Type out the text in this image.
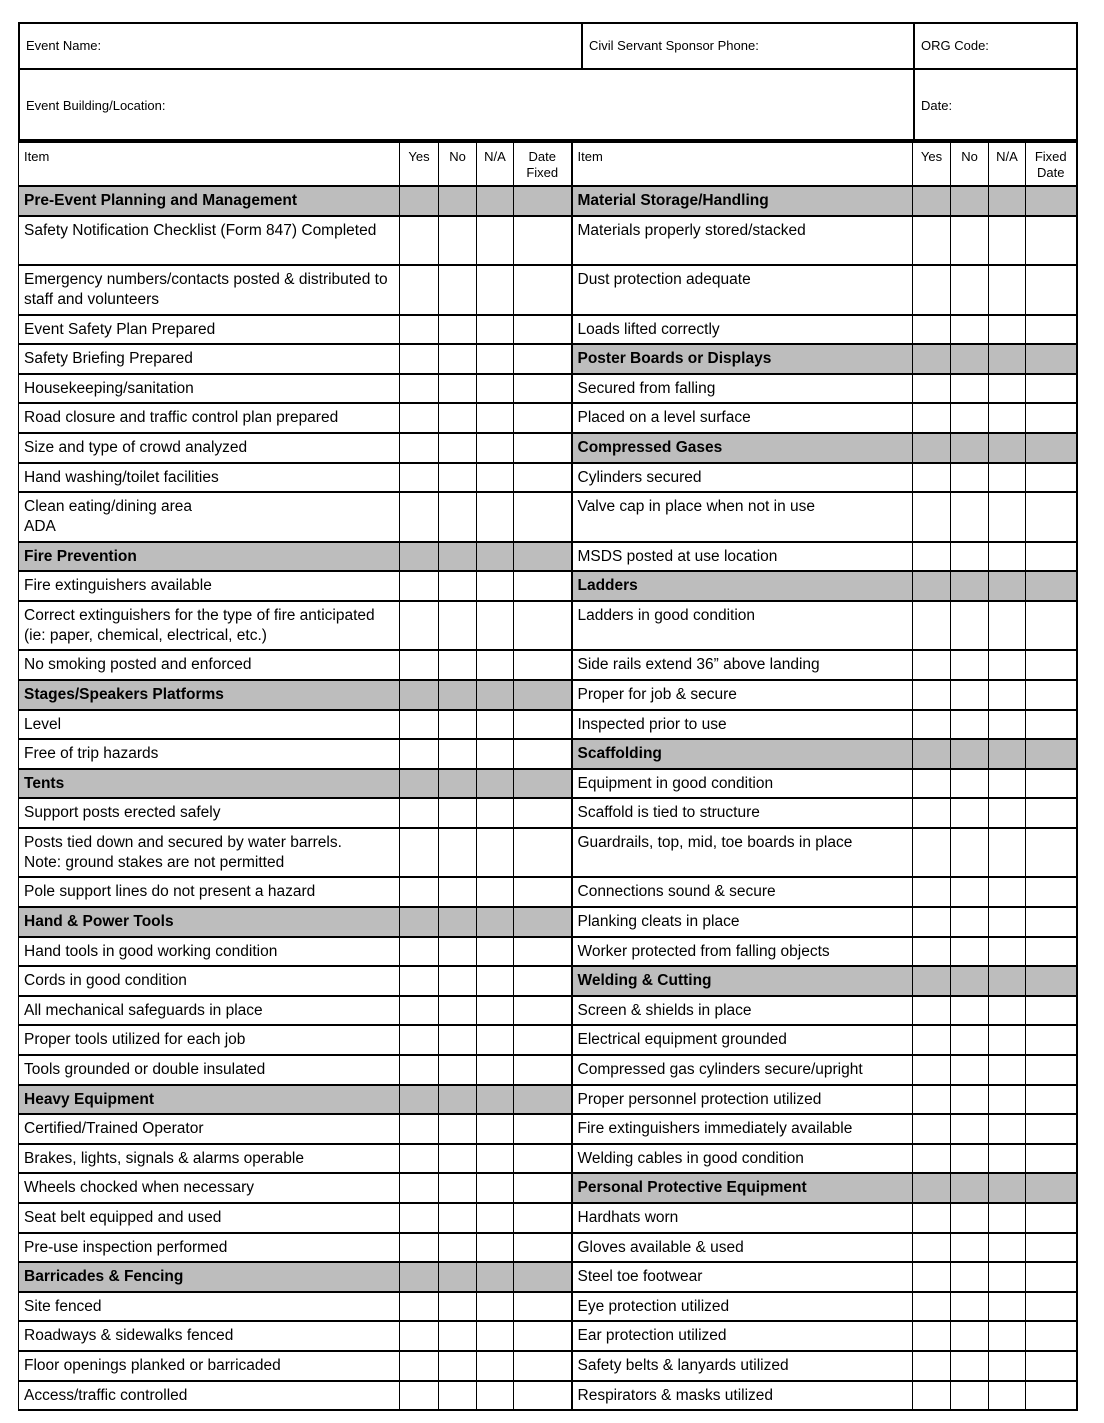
Event Name:	Civil Servant Sponsor Phone:	ORG Code:

Event Building/Location:		Date:
Item	Yes	No	N/A	Date Fixed	Item	Yes	No	N/A	Fixed Date

Pre-Event Planning and Management					Material Storage/Handling				

Safety Notification Checklist (Form 847) Completed					Materials properly stored/stacked				

Emergency numbers/contacts posted & distributed to staff and volunteers					Dust protection adequate				

Event Safety Plan Prepared					Loads lifted correctly				

Safety Briefing Prepared					Poster Boards or Displays				

Housekeeping/sanitation					Secured from falling				

Road closure and traffic control plan prepared					Placed on a level surface				

Size and type of crowd analyzed					Compressed Gases				

Hand washing/toilet facilities					Cylinders secured				

Clean eating/dining area
ADA					Valve cap in place when not in use				

Fire Prevention					MSDS posted at use location				

Fire extinguishers available					Ladders				

Correct extinguishers for the type of fire anticipated (ie: paper, chemical, electrical, etc.)					Ladders in good condition				

No smoking posted and enforced					Side rails extend 36” above landing				

Stages/Speakers Platforms					Proper for job & secure				

Level					Inspected prior to use				

Free of trip hazards					Scaffolding				

Tents					Equipment in good condition				

Support posts erected safely					Scaffold is tied to structure				

Posts tied down and secured by water barrels.
Note: ground stakes are not permitted					Guardrails, top, mid, toe boards in place				

Pole support lines do not present a hazard					Connections sound & secure				

Hand & Power Tools					Planking cleats in place				

Hand tools in good working condition					Worker protected from falling objects				

Cords in good condition					Welding & Cutting				

All mechanical safeguards in place					Screen & shields in place				

Proper tools utilized for each job					Electrical equipment grounded				

Tools grounded or double insulated					Compressed gas cylinders secure/upright				

Heavy Equipment					Proper personnel protection utilized				

Certified/Trained Operator					Fire extinguishers immediately available				

Brakes, lights, signals & alarms operable					Welding cables in good condition				

Wheels chocked when necessary					Personal Protective Equipment				

Seat belt equipped and used					Hardhats worn				

Pre-use inspection performed					Gloves available & used				

Barricades & Fencing					Steel toe footwear				

Site fenced					Eye protection utilized				

Roadways & sidewalks fenced					Ear protection utilized				

Floor openings planked or barricaded					Safety belts & lanyards utilized				

Access/traffic controlled					Respirators & masks utilized				
